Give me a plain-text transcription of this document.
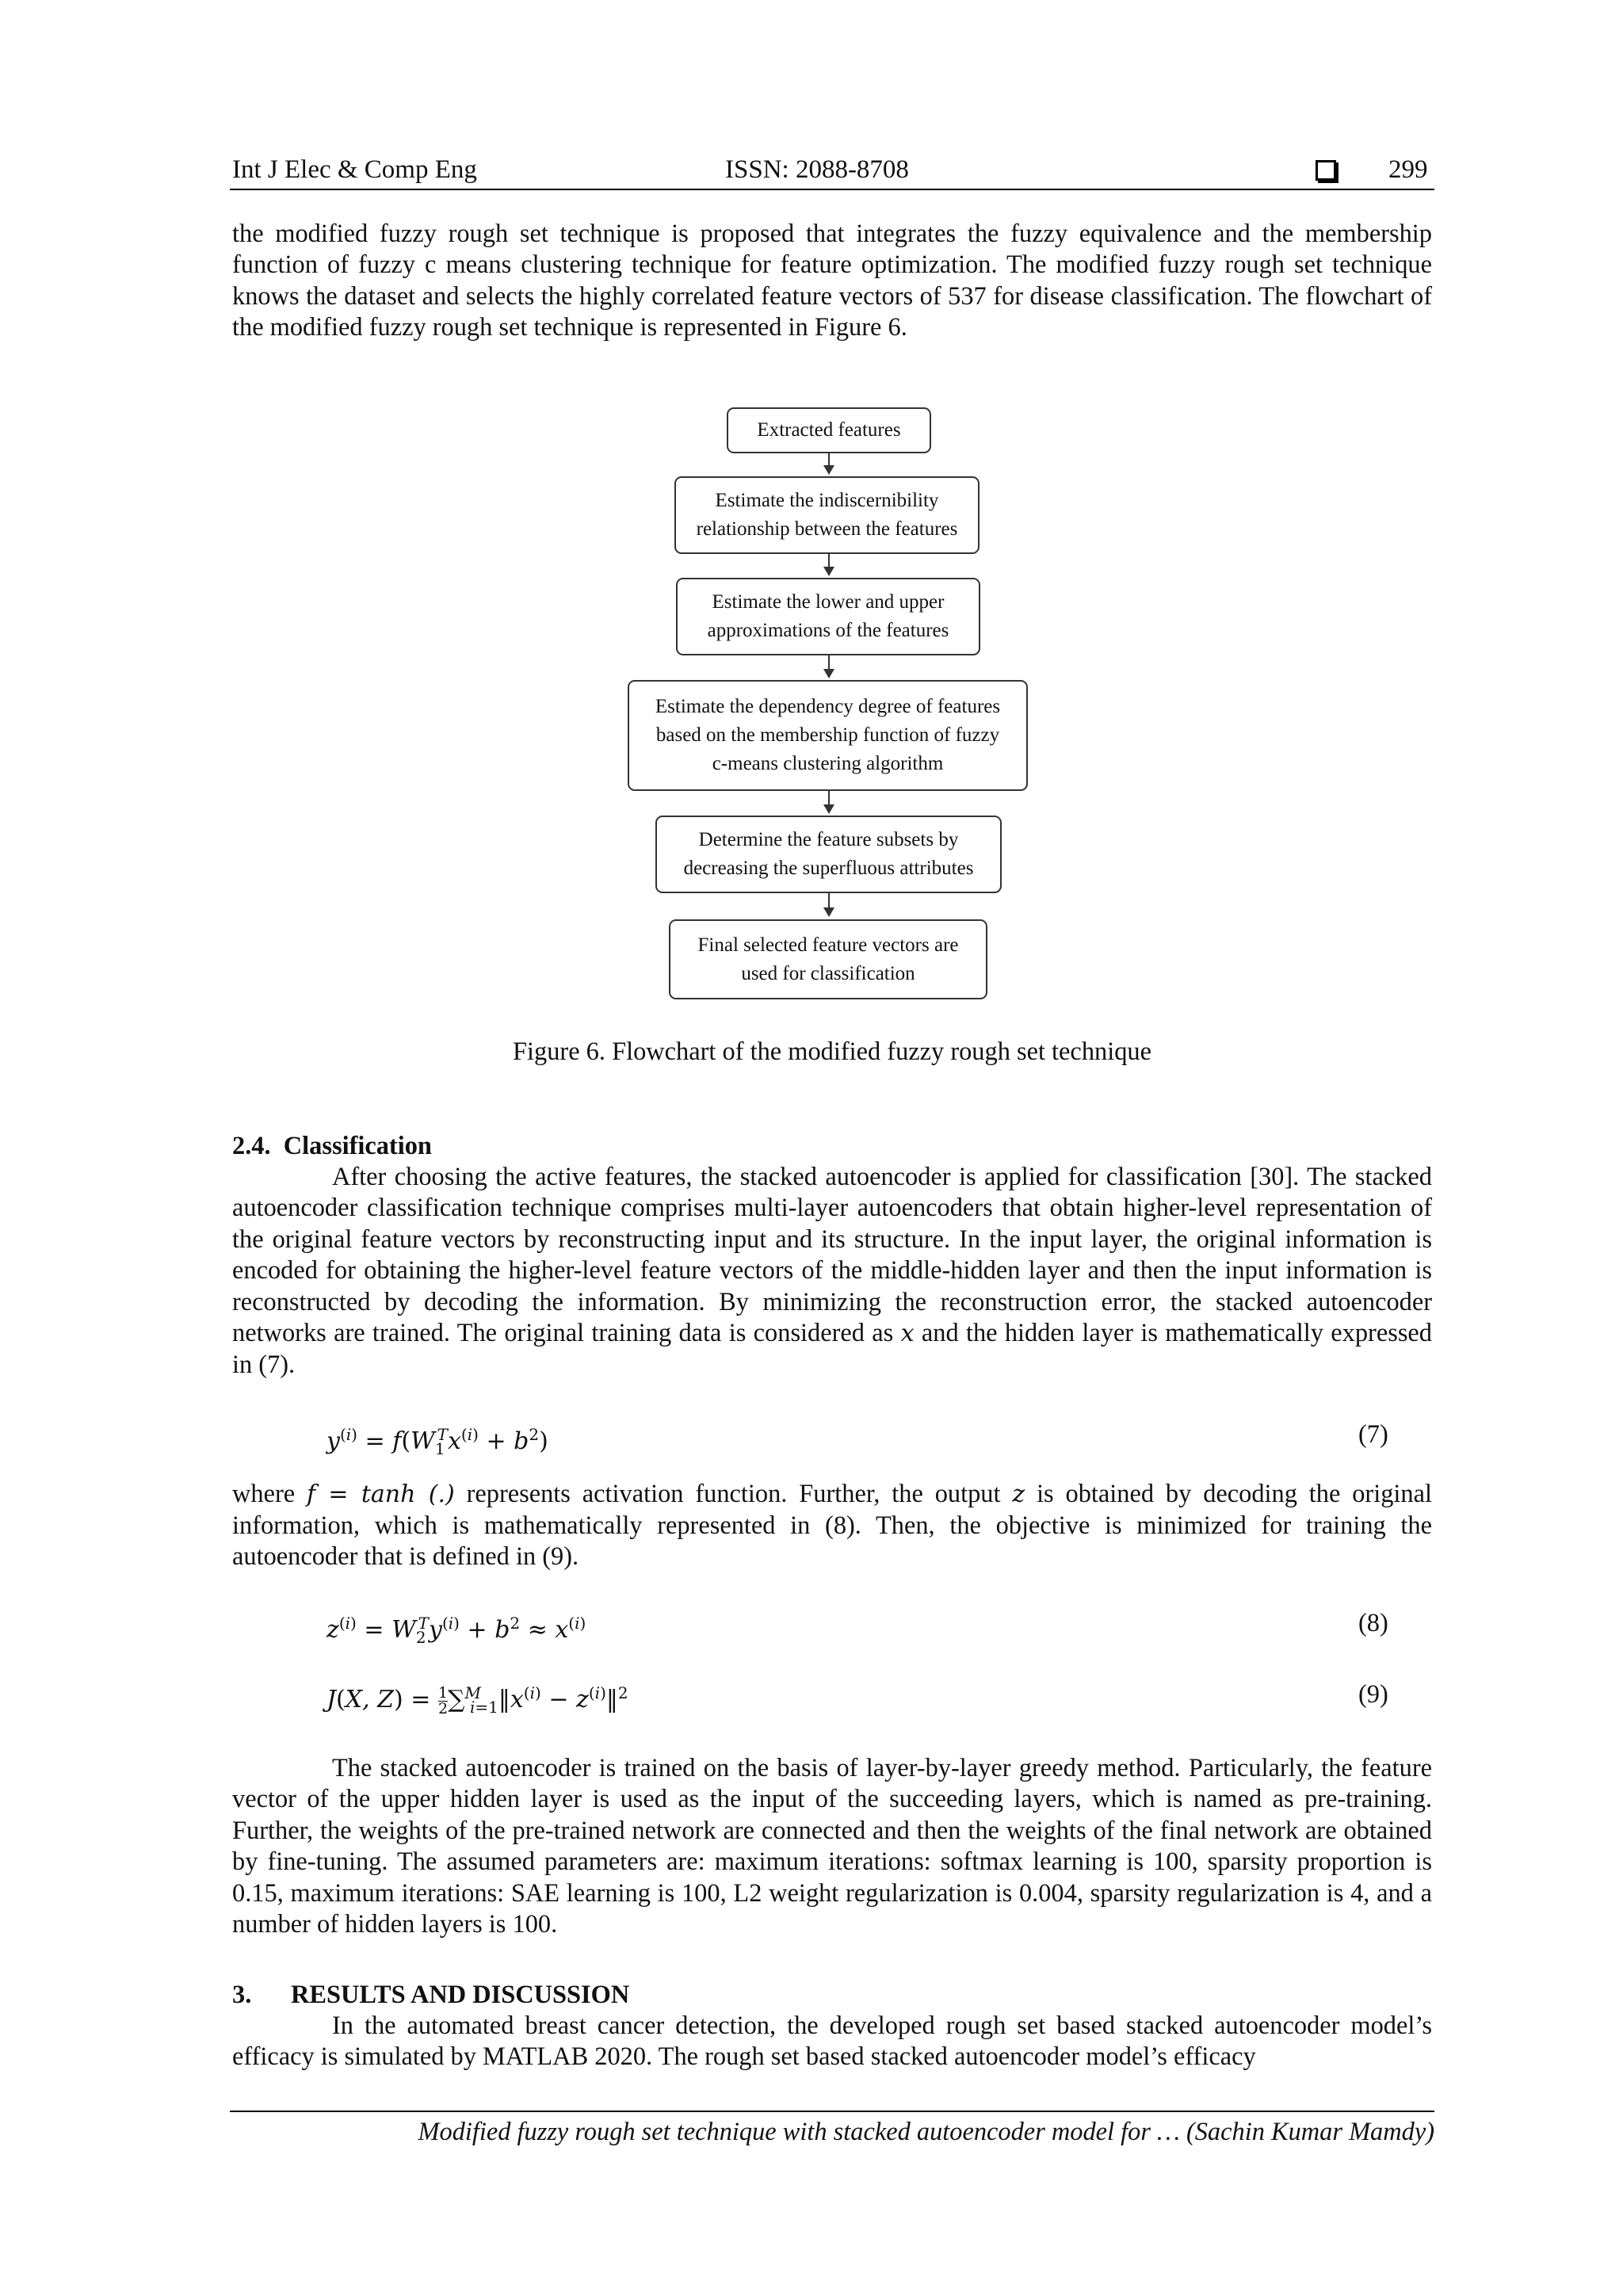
Int J Elec & Comp Eng	ISSN: 2088-8708	299

the modified fuzzy rough set technique is proposed that integrates the fuzzy equivalence and the membership function of fuzzy c means clustering technique for feature optimization. The modified fuzzy rough set technique knows the dataset and selects the highly correlated feature vectors of 537 for disease classification. The flowchart of the modified fuzzy rough set technique is represented in Figure 6.

Extracted features
Estimate the indiscernibility
relationship between the features
Estimate the lower and upper
approximations of the features
Estimate the dependency degree of features
based on the membership function of fuzzy
c-means clustering algorithm
Determine the feature subsets by
decreasing the superfluous attributes
Final selected feature vectors are
used for classification
Figure 6. Flowchart of the modified fuzzy rough set technique
2.4.  Classification

After choosing the active features, the stacked autoencoder is applied for classification [30]. The stacked autoencoder classification technique comprises multi-layer autoencoders that obtain higher-level representation of the original feature vectors by reconstructing input and its structure. In the input layer, the original information is encoded for obtaining the higher-level feature vectors of the middle-hidden layer and then the input information is reconstructed by decoding the information. By minimizing the reconstruction error, the stacked autoencoder networks are trained. The original training data is considered as x and the hidden layer is mathematically expressed in (7).

$y^{(i)} = f(W_1^Tx^{(i)} + b^2)$	(7)

where f = tanh (.) represents activation function. Further, the output z is obtained by decoding the original information, which is mathematically represented in (8). Then, the objective is minimized for training the autoencoder that is defined in (9).

$z^{(i)} = W_2^Ty^{(i)} + b^2 \approx x^{(i)}$	(8)
J(X, $Z) = \frac{1}{2}$ $\sum^M_{i=1}‖x^{(i)}$ − $z^{(i)}‖^2$	(9)

The stacked autoencoder is trained on the basis of layer-by-layer greedy method. Particularly, the feature vector of the upper hidden layer is used as the input of the succeeding layers, which is named as pre-training. Further, the weights of the pre-trained network are connected and then the weights of the final network are obtained by fine-tuning. The assumed parameters are: maximum iterations: softmax learning is 100, sparsity proportion is 0.15, maximum iterations: SAE learning is 100, L2 weight regularization is 0.004, sparsity regularization is 4, and a number of hidden layers is 100.

3. RESULTS AND DISCUSSION

In the automated breast cancer detection, the developed rough set based stacked autoencoder model’s efficacy is simulated by MATLAB 2020. The rough set based stacked autoencoder model’s efficacy

Modified fuzzy rough set technique with stacked autoencoder model for … (Sachin Kumar Mamdy)
